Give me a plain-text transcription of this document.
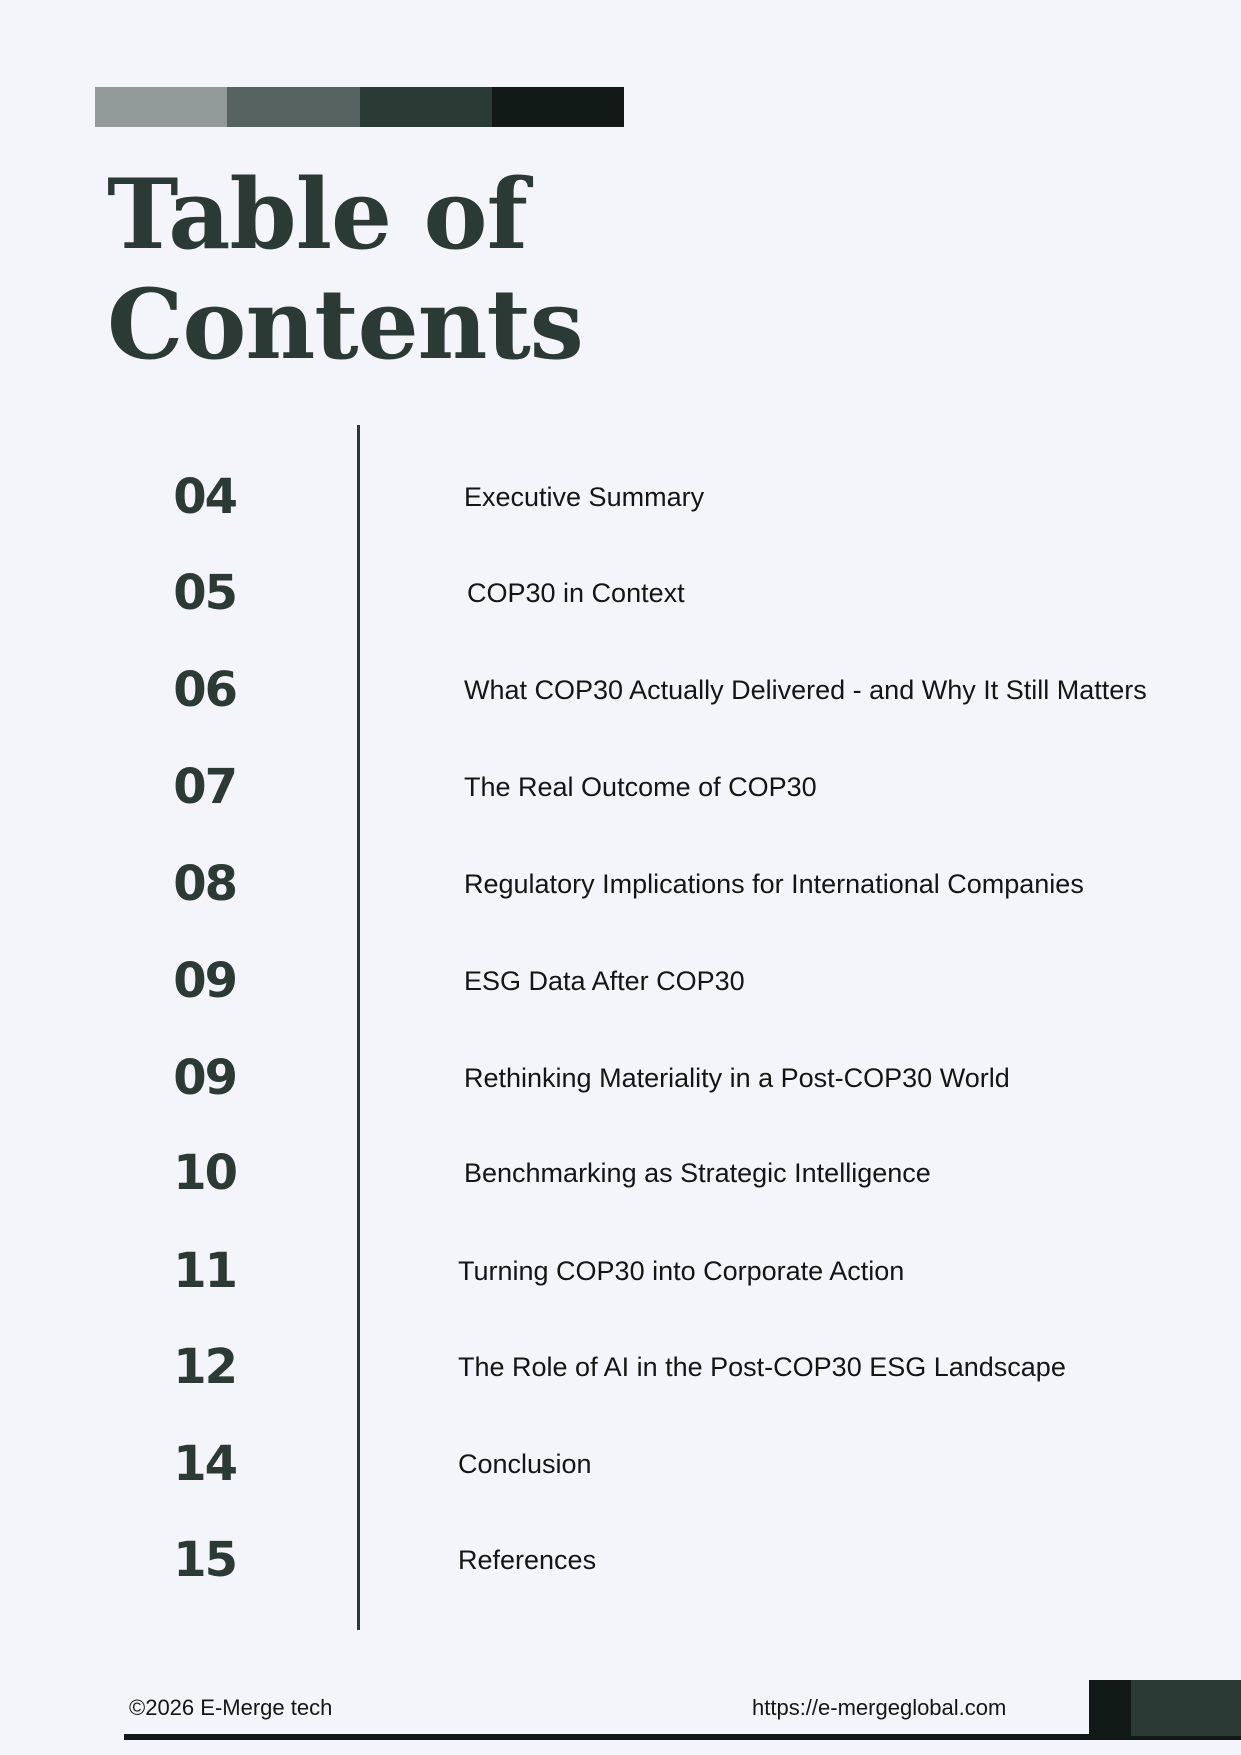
Table of
Contents
04	Executive Summary
05	COP30 in Context
06	What COP30 Actually Delivered - and Why It Still Matters
07	The Real Outcome of COP30
08	Regulatory Implications for International Companies
09	ESG Data After COP30
09	Rethinking Materiality in a Post-COP30 World
10	Benchmarking as Strategic Intelligence
11	Turning COP30 into Corporate Action
12	The Role of AI in the Post-COP30 ESG Landscape
14	Conclusion
15	References
©2026 E-Merge tech	https://e-mergeglobal.com
